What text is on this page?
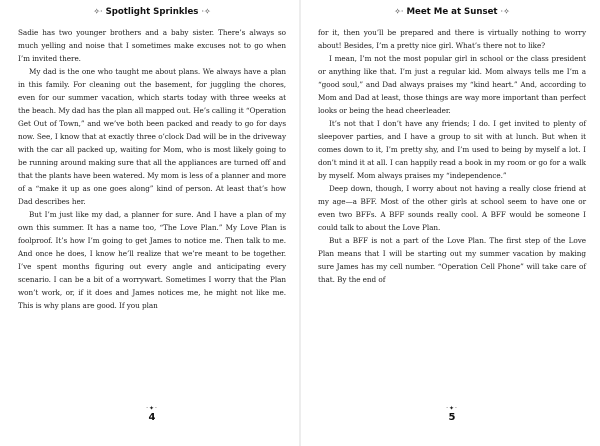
✧· Spotlight Sprinkles ·✧

Sadie has two younger brothers and a baby sister. There’s always so much yelling and noise that I sometimes make excuses not to go when I’m invited there.

My dad is the one who taught me about plans. We always have a plan in this family. For cleaning out the basement, for juggling the chores, even for our summer vacation, which starts today with three weeks at the beach. My dad has the plan all mapped out. He’s calling it “Operation Get Out of Town,” and we’ve both been packed and ready to go for days now. See, I know that at exactly three o’clock Dad will be in the driveway with the car all packed up, waiting for Mom, who is most likely going to be running around making sure that all the appliances are turned off and that the plants have been watered. My mom is less of a planner and more of a “make it up as one goes along” kind of person. At least that’s how Dad describes her.

But I’m just like my dad, a planner for sure. And I have a plan of my own this summer. It has a name too, “The Love Plan.” My Love Plan is foolproof. It’s how I’m going to get James to notice me. Then talk to me. And once he does, I know he’ll realize that we’re meant to be together. I’ve spent months figuring out every angle and anticipating every scenario. I can be a bit of a worrywart. Sometimes I worry that the Plan won’t work, or, if it does and James notices me, he might not like me. This is why plans are good. If you plan

·✦·
4
✧· Meet Me at Sunset ·✧

for it, then you’ll be prepared and there is virtually nothing to worry about! Besides, I’m a pretty nice girl. What’s there not to like?

I mean, I’m not the most popular girl in school or the class president or anything like that. I’m just a regular kid. Mom always tells me I’m a “good soul,” and Dad always praises my “kind heart.” And, according to Mom and Dad at least, those things are way more important than perfect looks or being the head cheerleader.

It’s not that I don’t have any friends; I do. I get invited to plenty of sleepover parties, and I have a group to sit with at lunch. But when it comes down to it, I’m pretty shy, and I’m used to being by myself a lot. I don’t mind it at all. I can happily read a book in my room or go for a walk by myself. Mom always praises my “independence.”

Deep down, though, I worry about not having a really close friend at my age—a BFF. Most of the other girls at school seem to have one or even two BFFs. A BFF sounds really cool. A BFF would be someone I could talk to about the Love Plan.

But a BFF is not a part of the Love Plan. The first step of the Love Plan means that I will be starting out my summer vacation by making sure James has my cell number. “Operation Cell Phone” will take care of that. By the end of

·✦·
5
